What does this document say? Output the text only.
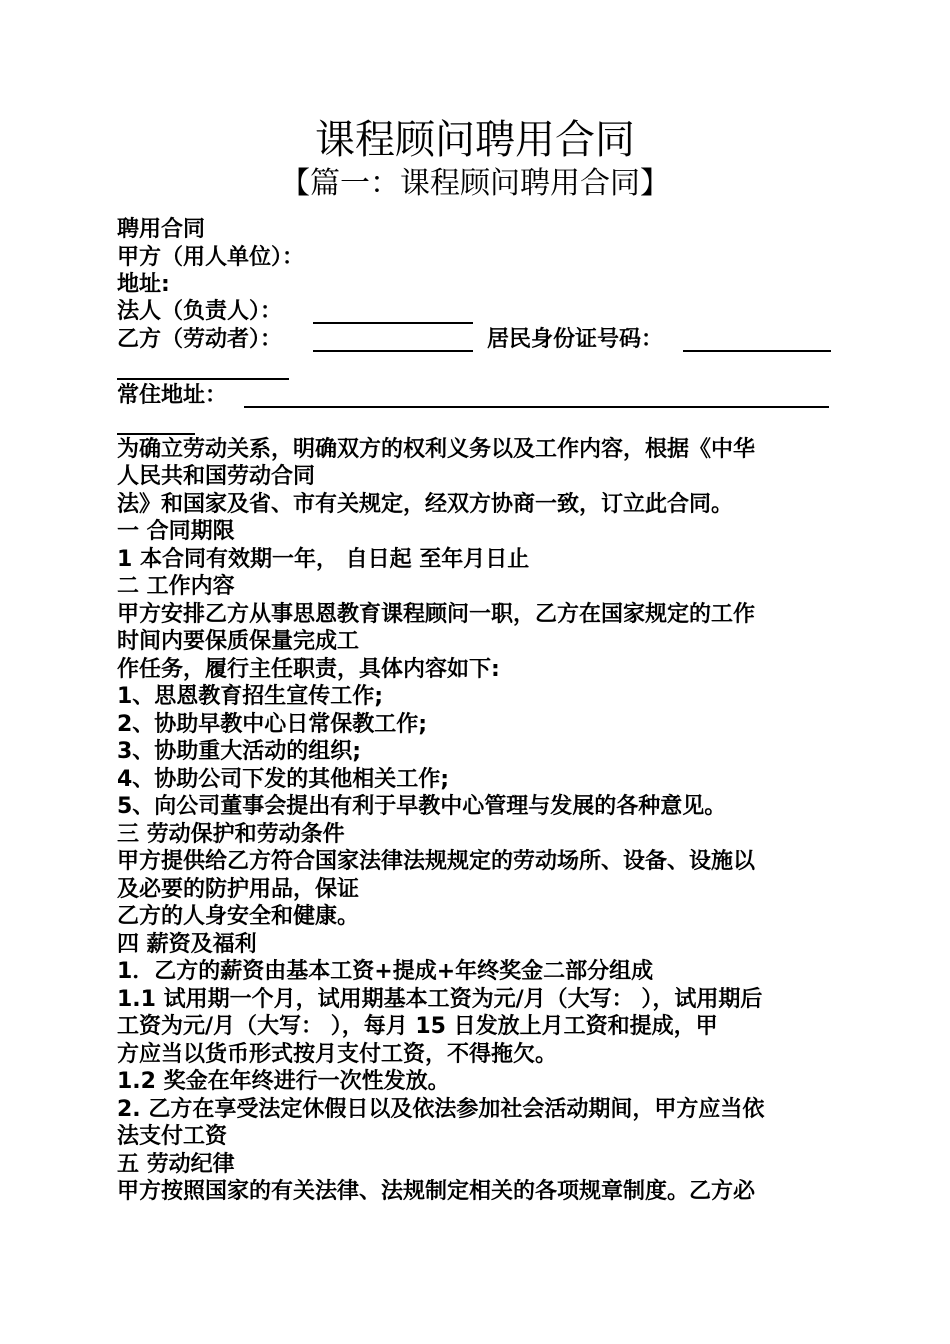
课程顾问聘用合同
【篇一：课程顾问聘用合同】
聘用合同
甲方（用人单位）：
地址:
法人（负责人）：
乙方（劳动者）：	居民身份证号码：
常住地址：
为确立劳动关系，明确双方的权利义务以及工作内容，根据《中华
人民共和国劳动合同
法》和国家及省、市有关规定，经双方协商一致，订立此合同。
一 合同期限
1 本合同有效期一年， 自日起 至年月日止
二 工作内容
甲方安排乙方从事思恩教育课程顾问一职，乙方在国家规定的工作
时间内要保质保量完成工
作任务，履行主任职责，具体内容如下:
1、思恩教育招生宣传工作;
2、协助早教中心日常保教工作;
3、协助重大活动的组织;
4、协助公司下发的其他相关工作;
5、向公司董事会提出有利于早教中心管理与发展的各种意见。
三 劳动保护和劳动条件
甲方提供给乙方符合国家法律法规规定的劳动场所、设备、设施以
及必要的防护用品，保证
乙方的人身安全和健康。
四 薪资及福利
1．乙方的薪资由基本工资+提成+年终奖金二部分组成
1.1 试用期一个月，试用期基本工资为元/月（大写： ），试用期后
工资为元/月（大写： ），每月 15 日发放上月工资和提成，甲
方应当以货币形式按月支付工资，不得拖欠。
1.2 奖金在年终进行一次性发放。
2. 乙方在享受法定休假日以及依法参加社会活动期间，甲方应当依
法支付工资
五 劳动纪律
甲方按照国家的有关法律、法规制定相关的各项规章制度。乙方必
